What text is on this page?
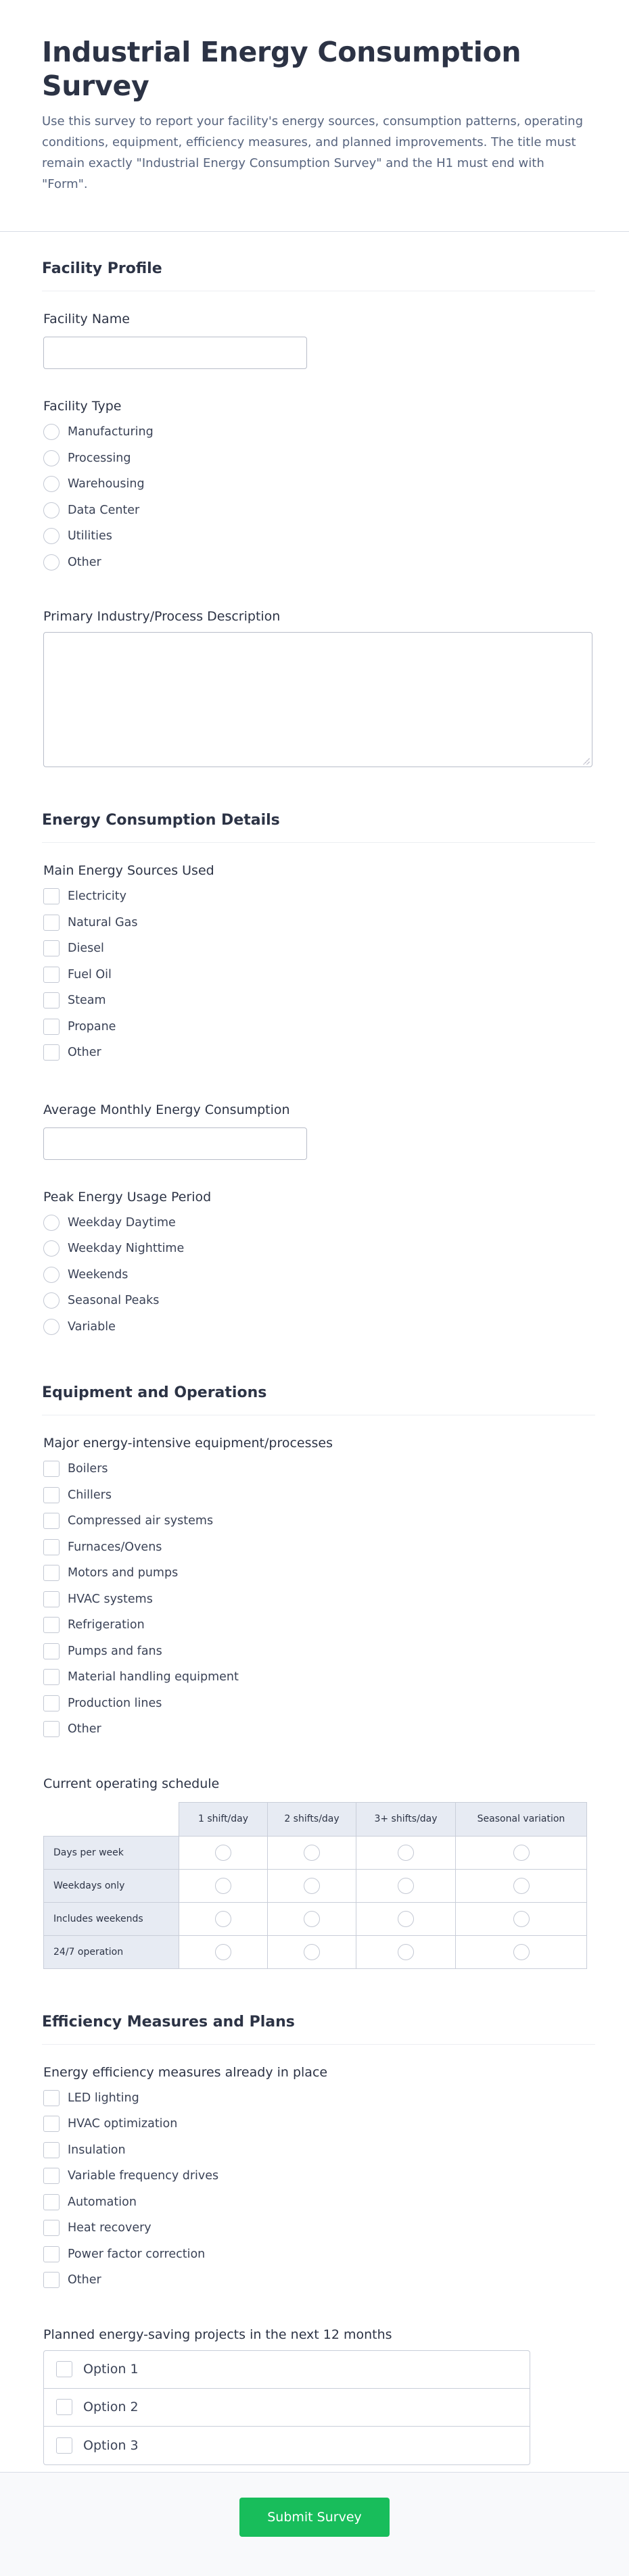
Industrial Energy Consumption Survey

Use this survey to report your facility's energy sources, consumption patterns, operating conditions, equipment, efficiency measures, and planned improvements. The title must remain exactly "Industrial Energy Consumption Survey" and the H1 must end with "Form".

Facility Profile
Facility Name
Facility Type
Manufacturing
Processing
Warehousing
Data Center
Utilities
Other
Primary Industry/Process Description
Energy Consumption Details
Main Energy Sources Used
Electricity
Natural Gas
Diesel
Fuel Oil
Steam
Propane
Other
Average Monthly Energy Consumption
Peak Energy Usage Period
Weekday Daytime
Weekday Nighttime
Weekends
Seasonal Peaks
Variable
Equipment and Operations
Major energy-intensive equipment/processes
Boilers
Chillers
Compressed air systems
Furnaces/Ovens
Motors and pumps
HVAC systems
Refrigeration
Pumps and fans
Material handling equipment
Production lines
Other
Current operating schedule
	1 shift/day	2 shifts/day	3+ shifts/day	Seasonal variation
Days per week				
Weekdays only				
Includes weekends				
24/7 operation				
Efficiency Measures and Plans
Energy efficiency measures already in place
LED lighting
HVAC optimization
Insulation
Variable frequency drives
Automation
Heat recovery
Power factor correction
Other
Planned energy-saving projects in the next 12 months
Option 1
Option 2
Option 3
Submit Survey
